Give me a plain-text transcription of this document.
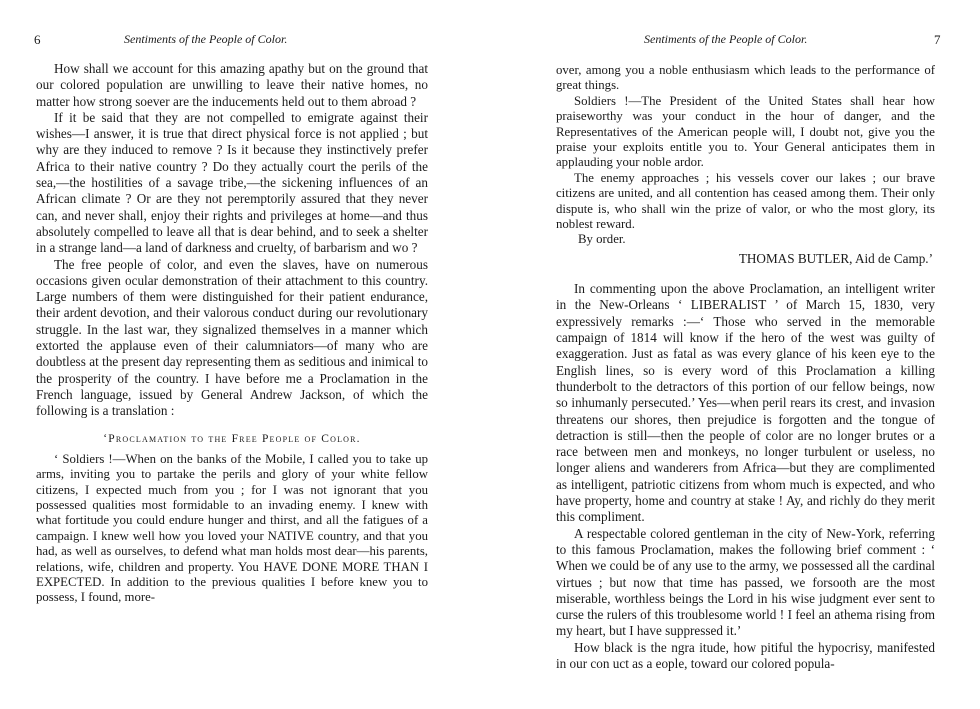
6	Sentiments of the People of Color.

How shall we account for this amazing apathy but on the ground that our colored population are unwilling to leave their native homes, no matter how strong soever are the inducements held out to them abroad ?

If it be said that they are not compelled to emigrate against their wishes—I answer, it is true that direct physical force is not applied ; but why are they induced to remove ? Is it because they instinctively prefer Africa to their native country ? Do they actually court the perils of the sea,—the hostilities of a savage tribe,—the sickening influences of an African climate ? Or are they not peremptorily assured that they never can, and never shall, enjoy their rights and privileges at home—and thus absolutely compelled to leave all that is dear behind, and to seek a shelter in a strange land—a land of darkness and cruelty, of barbarism and wo ?

The free people of color, and even the slaves, have on numerous occasions given ocular demonstration of their attachment to this country. Large numbers of them were distinguished for their patient endurance, their ardent devotion, and their valorous conduct during our revolutionary struggle. In the last war, they signalized themselves in a manner which extorted the applause even of their calumniators—of many who are doubtless at the present day representing them as seditious and inimical to the prosperity of the country. I have before me a Proclamation in the French language, issued by General Andrew Jackson, of which the following is a translation :

‘Proclamation to the Free People of Color.

‘ Soldiers !—When on the banks of the Mobile, I called you to take up arms, inviting you to partake the perils and glory of your white fellow citizens, I expected much from you ; for I was not ignorant that you possessed qualities most formidable to an invading enemy. I knew with what fortitude you could endure hunger and thirst, and all the fatigues of a campaign. I knew well how you loved your NATIVE country, and that you had, as well as ourselves, to defend what man holds most dear—his parents, relations, wife, children and property. You HAVE DONE MORE THAN I EXPECTED. In addition to the previous qualities I before knew you to possess, I found, more-

Sentiments of the People of Color.	7

over, among you a noble enthusiasm which leads to the performance of great things.

Soldiers !—The President of the United States shall hear how praiseworthy was your conduct in the hour of danger, and the Representatives of the American people will, I doubt not, give you the praise your exploits entitle you to. Your General anticipates them in applauding your noble ardor.

The enemy approaches ; his vessels cover our lakes ; our brave citizens are united, and all contention has ceased among them. Their only dispute is, who shall win the prize of valor, or who the most glory, its noblest reward.

By order.

THOMAS BUTLER, Aid de Camp.’

In commenting upon the above Proclamation, an intelligent writer in the New-Orleans ‘ LIBERALIST ’ of March 15, 1830, very expressively remarks :—‘ Those who served in the memorable campaign of 1814 will know if the hero of the west was guilty of exaggeration. Just as fatal as was every glance of his keen eye to the English lines, so is every word of this Proclamation a killing thunderbolt to the detractors of this portion of our fellow beings, now so inhumanly persecuted.’ Yes—when peril rears its crest, and invasion threatens our shores, then prejudice is forgotten and the tongue of detraction is still—then the people of color are no longer brutes or a race between men and monkeys, no longer turbulent or useless, no longer aliens and wanderers from Africa—but they are complimented as intelligent, patriotic citizens from whom much is expected, and who have property, home and country at stake ! Ay, and richly do they merit this compliment.

A respectable colored gentleman in the city of New-York, referring to this famous Proclamation, makes the following brief comment : ‘ When we could be of any use to the army, we possessed all the cardinal virtues ; but now that time has passed, we forsooth are the most miserable, worthless beings the Lord in his wise judgment ever sent to curse the rulers of this troublesome world ! I feel an athema rising from my heart, but I have suppressed it.’

How black is the ngra itude, how pitiful the hypocrisy, manifested in our con uct as a eople, toward our colored popula-
